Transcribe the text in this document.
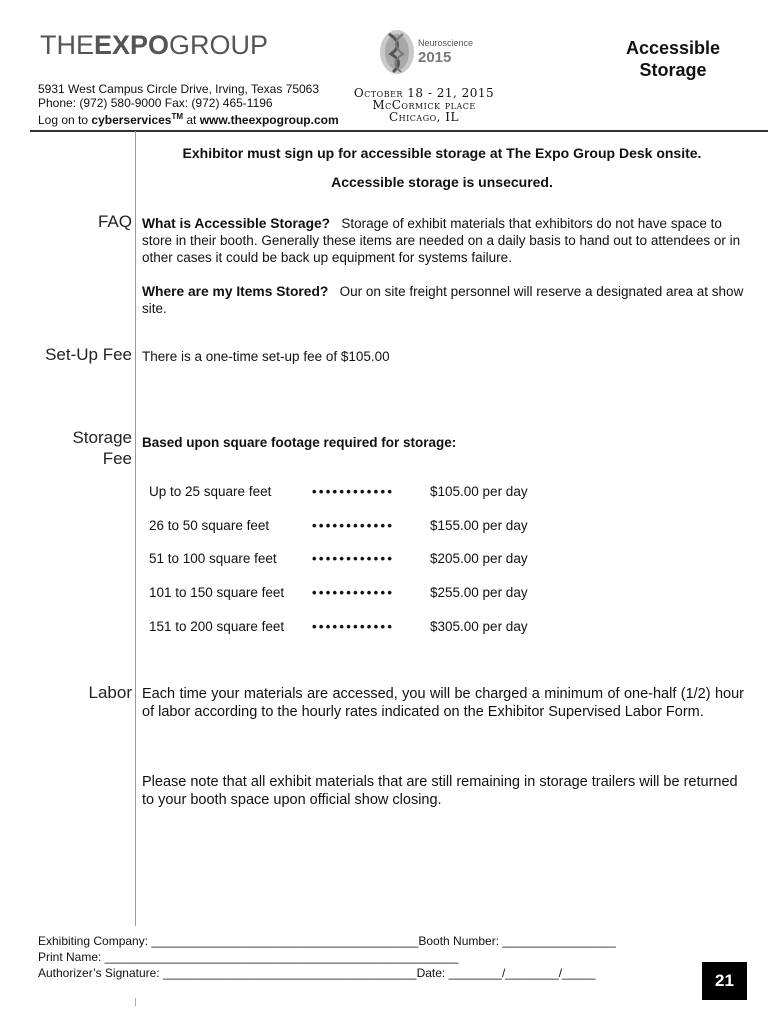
THEEXPOGROUP
5931 West Campus Circle Drive, Irving, Texas 75063
Phone: (972) 580-9000 Fax: (972) 465-1196
Log on to cyberservices™ at www.theexpogroup.com
Neuroscience
2015
October 18 - 21, 2015
McCormick place
Chicago, IL
Accessible
Storage
Exhibitor must sign up for accessible storage at The Expo Group Desk onsite.
Accessible storage is unsecured.
FAQ What is Accessible Storage? Storage of exhibit materials that exhibitors do not have space to store in their booth. Generally these items are needed on a daily basis to hand out to attendees or in other cases it could be back up equipment for systems failure.
Where are my Items Stored? Our on site freight personnel will reserve a designated area at show site.
Set-Up Fee There is a one-time set-up fee of $105.00
Storage
Fee
Based upon square footage required for storage:
Up to 25 square feet	••••••••••••	$105.00 per day
26 to 50 square feet	••••••••••••	$155.00 per day
51 to 100 square feet	••••••••••••	$205.00 per day
101 to 150 square feet ••••••••••••	$255.00 per day
151 to 200 square feet ••••••••••••	$305.00 per day
Labor Each time your materials are accessed, you will be charged a minimum of one-half (1/2) hour of labor according to the hourly rates indicated on the Exhibitor Supervised Labor Form.
Please note that all exhibit materials that are still remaining in storage trailers will be returned to your booth space upon official show closing.
Exhibiting Company: ________________________________________Booth Number: _________________
Print Name: _____________________________________________________
Authorizer’s Signature: ______________________________________Date: ________/________/_____	21
